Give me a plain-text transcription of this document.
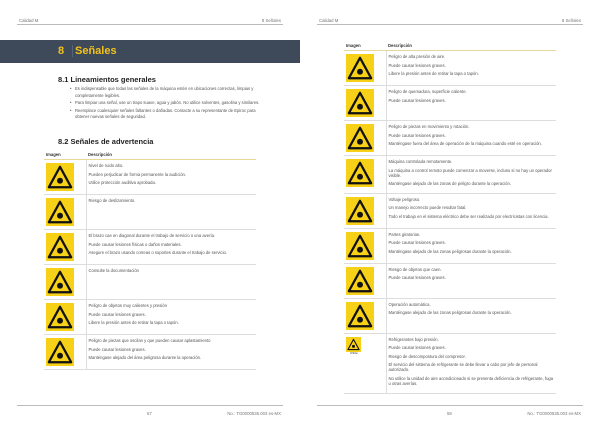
Calidad M	8 Señales
8 Señales
8.1 Lineamientos generales
• Es indispensable que todas las señales de la máquina estén en ubicaciones correctas, limpias y completamente legibles.
• Para limpiar una señal, use un trapo suave, agua y jabón. No utilice solventes, gasolina y similares.
• Reemplace cualesquier señales faltantes o dañadas. Contacte a su representante de Epiroc para obtener nuevas señales de seguridad.
8.2 Señales de advertencia
Imagen	Descripción

Nivel de ruido alto.
Pueden perjudicar de forma permanente la audición.
Utilice protección auditiva aprobada.

Riesgo de deslizamiento.

El brazo cae en diagonal durante el trabajo de servicio o una avería.
Puede causar lesiones físicas o daños materiales.
Asegure el brazo usando correas o soportes durante el trabajo de servicio.

Consulte la documentación

Peligro de objetos muy calientes y presión
Puede causar lesiones graves.
Libere la presión antes de retirar la tapa o tapón.

Peligro de piezas que oscilan y que pueden causar aplastamiento
Puede causar lesiones graves.
Manténgase alejado del área peligrosa durante la operación.
57	No.: TG0000535.003 es-MX
Calidad M	8 Señales
Imagen	Descripción

Peligro de alta presión de aire.
Puede causar lesiones graves.
Libere la presión antes de retirar la tapa o tapón.

Peligro de quemadura, superficie caliente.
Puede causar lesiones graves.

Peligro de piezas en movimiento y rotación.
Puede causar lesiones graves.
Manténgase fuera del área de operación de la máquina cuando esté en operación.

Máquina controlada remotamente.
La máquina a control remoto puede comenzar a moverse, incluso si no hay un operador visible.
Manténgase alejado de las zonas de peligro durante la operación.

Voltaje peligroso.
Un manejo incorrecto puede resultar fatal.
Todo el trabajo en el sistema eléctrico debe ser realizado por electricistas con licencia.

Partes giratorias.
Puede causar lesiones graves.
Manténgase alejado de las zonas peligrosas durante la operación.

Riesgo de objetos que caen.
Puede causar lesiones graves.

Operación automática.
Manténgase alejado de las zonas peligrosas durante la operación.

R32a	Refrigerantes bajo presión.
Puede causar lesiones graves.
Riesgo de descompostura del compresor.
El servicio del sistema de refrigerante se debe llevar a cabo por jefe de personal autorizado.
No utilice la unidad de aire acondicionado si se presenta deficiencia de refrigerante, fuga u otras averías.
58	No.: TG0000535.003 es-MX
